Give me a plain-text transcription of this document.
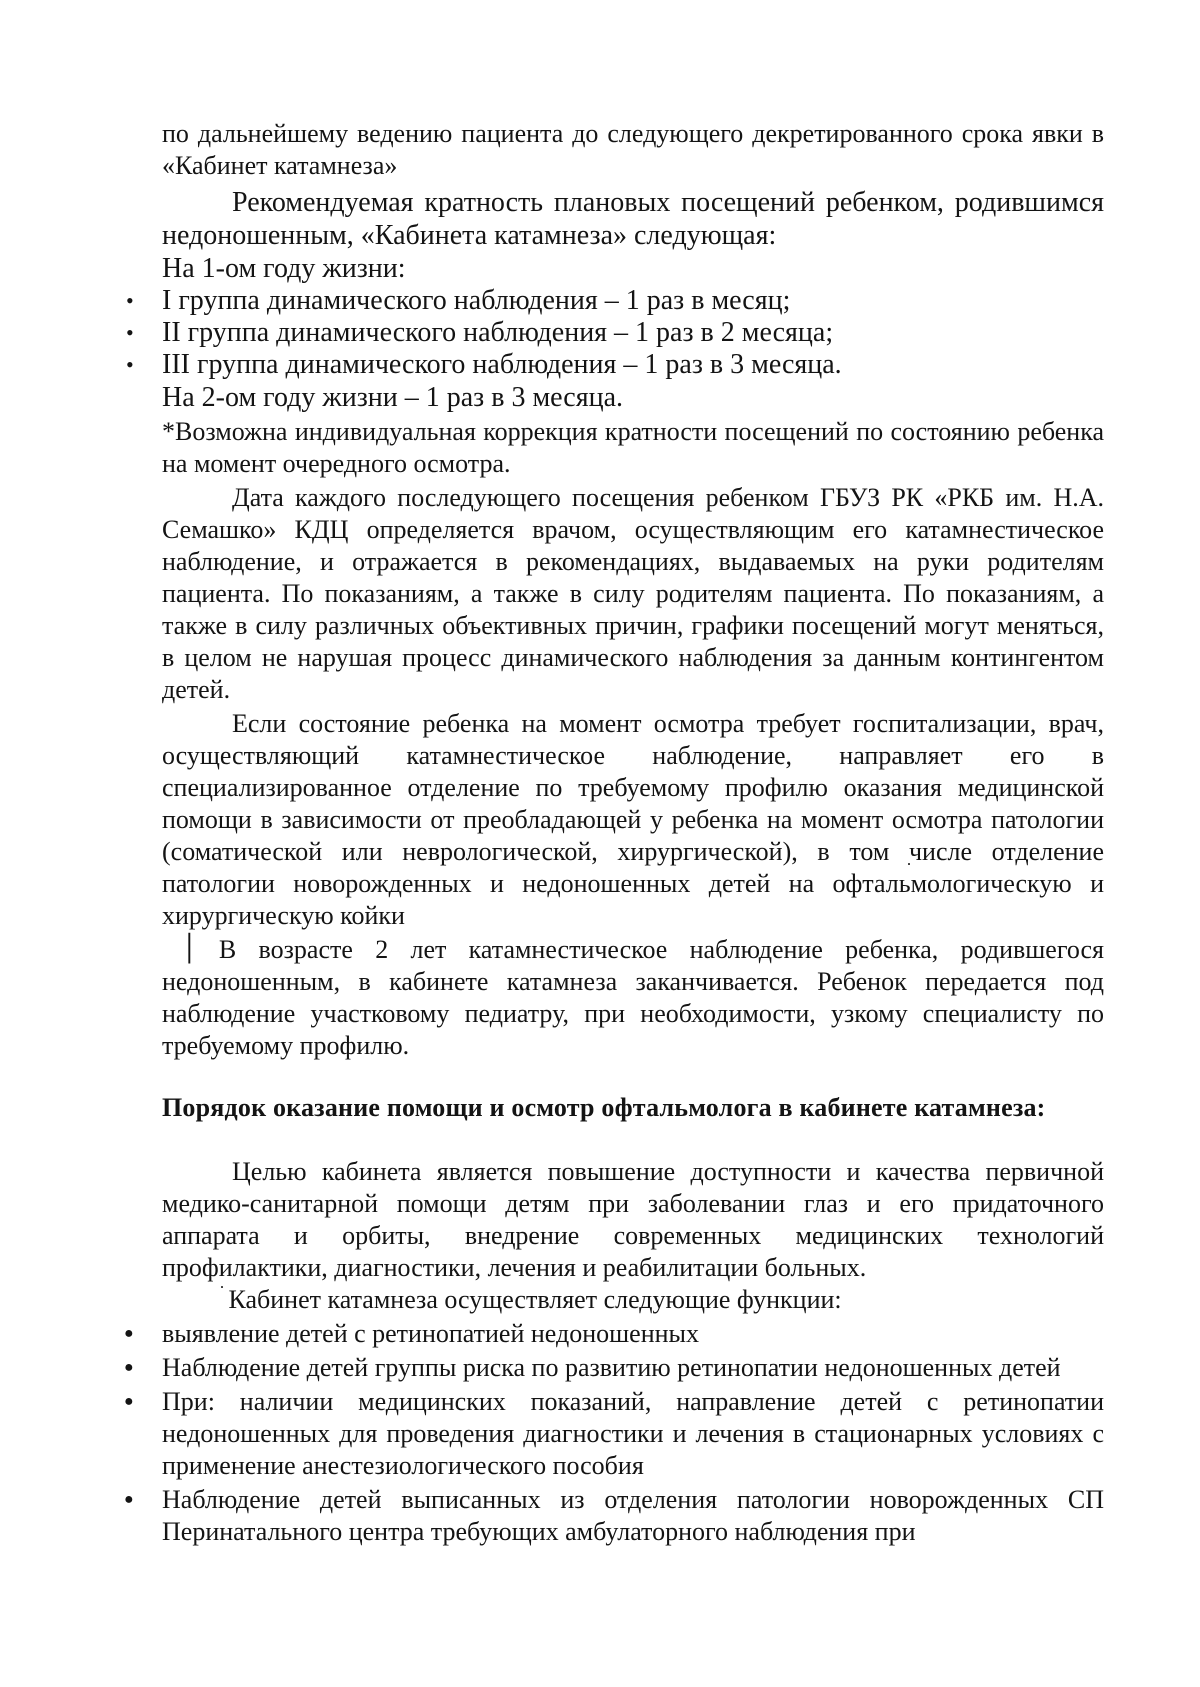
по дальнейшему ведению пациента до следующего декретированного срока явки в «Кабинет катамнеза»

Рекомендуемая кратность плановых посещений ребенком, родившимся недоношенным, «Кабинета катамнеза» следующая:

На 1-ом году жизни:

• I группа динамического наблюдения – 1 раз в месяц;
• II группа динамического наблюдения – 1 раз в 2 месяца;
• III группа динамического наблюдения – 1 раз в 3 месяца.

На 2-ом году жизни – 1 раз в 3 месяца.

*Возможна индивидуальная коррекция кратности посещений по состоянию ребенка на момент очередного осмотра.

Дата каждого последующего посещения ребенком ГБУЗ РК «РКБ им. Н.А. Семашко» КДЦ определяется врачом, осуществляющим его катамнестическое наблюдение, и отражается в рекомендациях, выдаваемых на руки родителям пациента. По показаниям, а также в силу родителям пациента. По показаниям, а также в силу различных объективных причин, графики посещений могут меняться, в целом не нарушая процесс динамического наблюдения за данным контингентом детей.

Если состояние ребенка на момент осмотра требует госпитализации, врач, осуществляющий катамнестическое наблюдение, направляет его в специализированное отделение по требуемому профилю оказания медицинской помощи в зависимости от преобладающей у ребенка на момент осмотра патологии (соматической или неврологической, хирургической), в том ׅчисле отделение патологии новорожденных и недоношенных детей на офтальмологическую и хирургическую койки

׀ В возрасте 2 лет катамнестическое наблюдение ребенка, родившегося недоношенным, в кабинете катамнеза заканчивается. Ребенок передается под наблюдение участковому педиатру, при необходимости, узкому специалисту по требуемому профилю.

Порядок оказание помощи и осмотр офтальмолога в кабинете катамнеза:

Целью кабинета является повышение доступности и качества первичной медико-санитарной помощи детям при заболевании глаз и его придаточного аппарата и орбиты, внедрение современных медицинских технологий профилактики, диагностики, лечения и реабилитации больных.

ׄ Кабинет катамнеза осуществляет следующие функции:

● выявление детей с ретинопатией недоношенных
● Наблюдение детей группы риска по развитию ретинопатии недоношенных детей
● При: наличии медицинских показаний, направление детей с ретинопатии недоношенных для проведения диагностики и лечения в стационарных условиях с применение анестезиологического пособия
● Наблюдение детей выписанных из отделения патологии новорожденных СП Перинатального центра требующих амбулаторного наблюдения при
